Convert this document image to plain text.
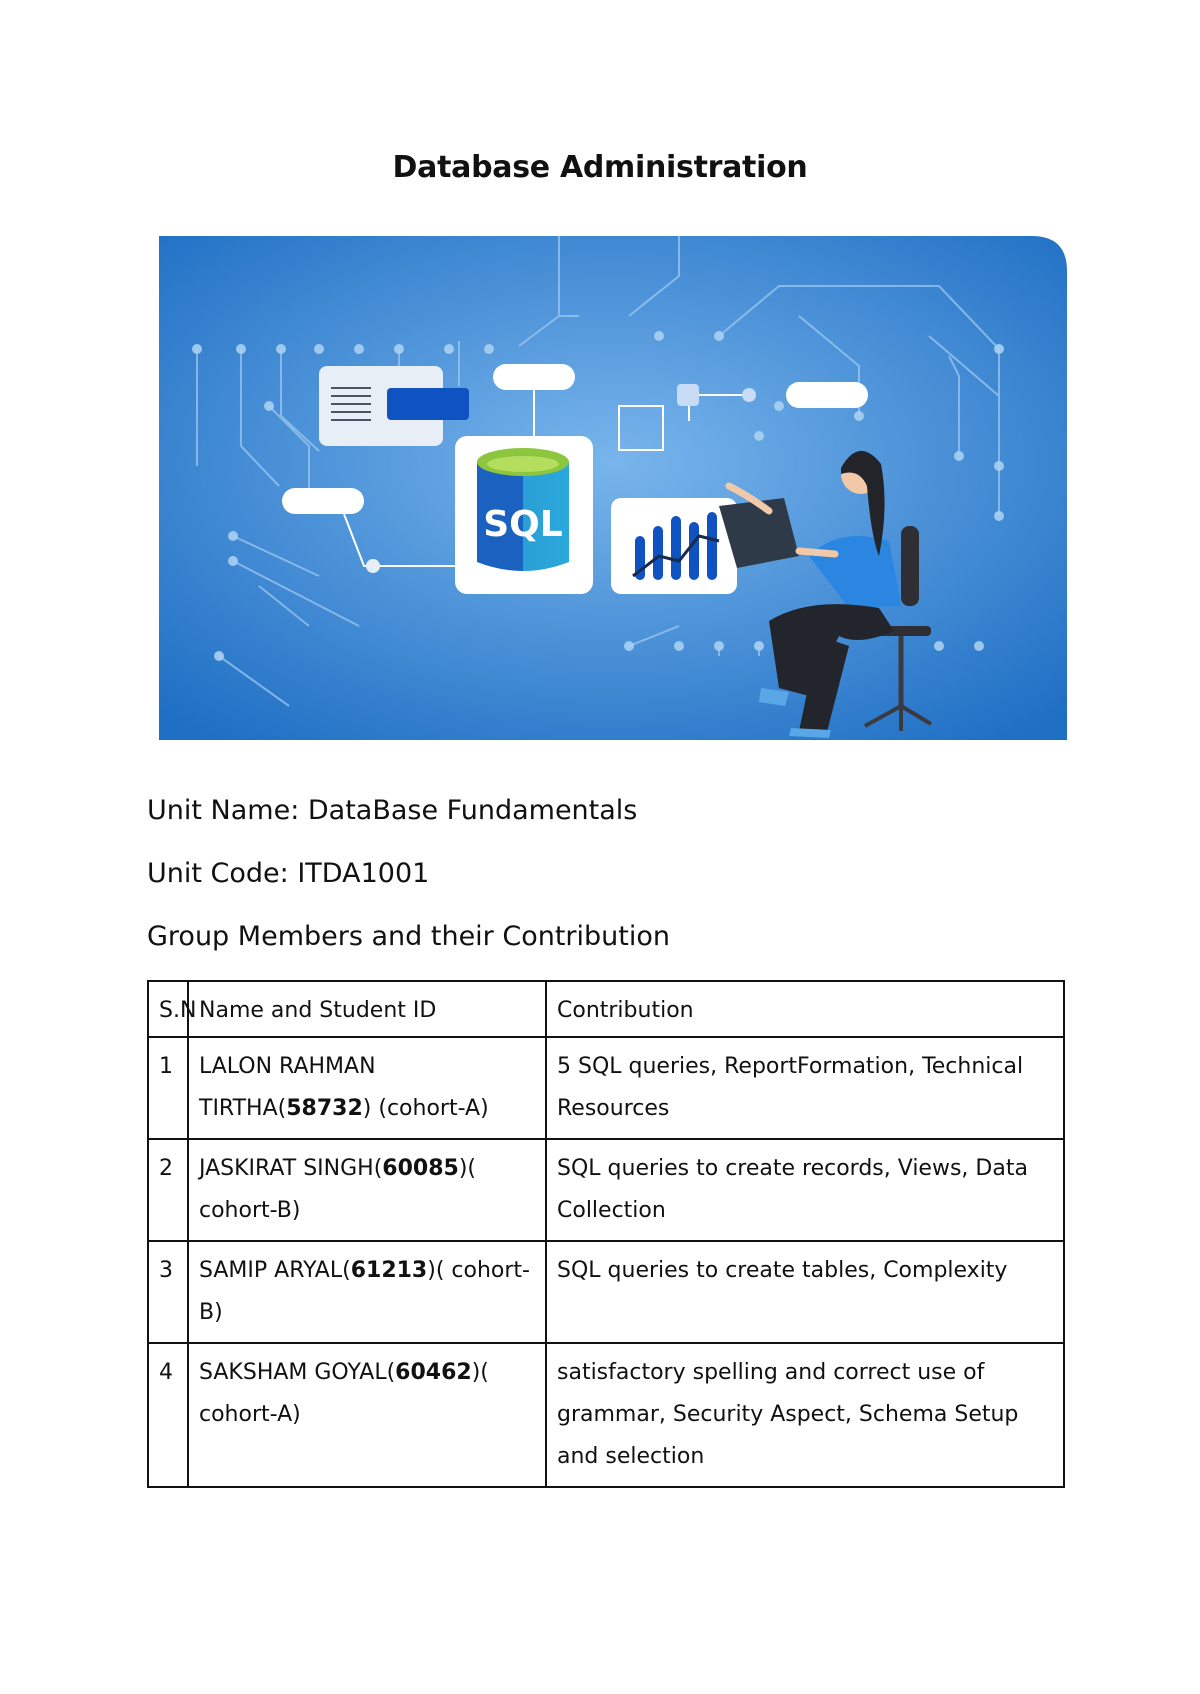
Database Administration
SQL
Unit Name: DataBase Fundamentals
Unit Code: ITDA1001
Group Members and their Contribution
S.N	Name and Student ID	Contribution
1	LALON RAHMAN TIRTHA(58732) (cohort-A)	5 SQL queries, ReportFormation, Technical Resources
2	JASKIRAT SINGH(60085)( cohort-B)	SQL queries to create records, Views, Data Collection
3	SAMIP ARYAL(61213)( cohort-B)	SQL queries to create tables, Complexity
4	SAKSHAM GOYAL(60462)( cohort-A)	satisfactory spelling and correct use of grammar, Security Aspect, Schema Setup and selection
